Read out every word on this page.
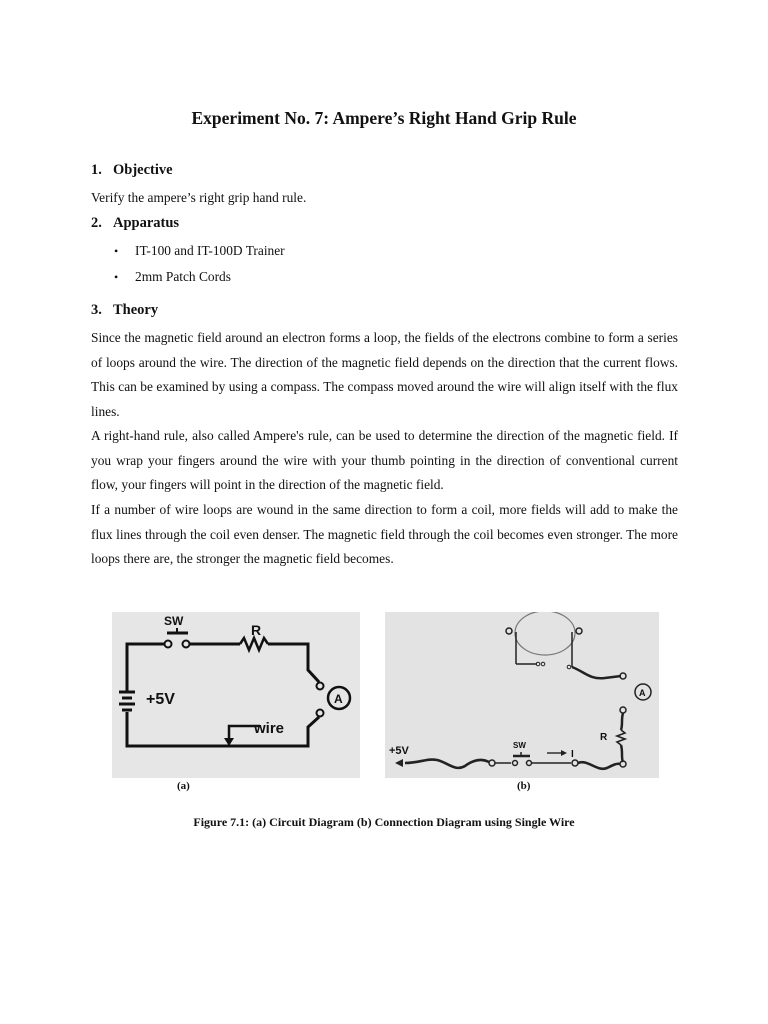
Experiment No. 7: Ampere’s Right Hand Grip Rule
1. Objective
Verify the ampere’s right grip hand rule.
2. Apparatus
• IT-100 and IT-100D Trainer
• 2mm Patch Cords
3. Theory
Since the magnetic field around an electron forms a loop, the fields of the electrons combine to form a series of loops around the wire. The direction of the magnetic field depends on the direction that the current flows. This can be examined by using a compass. The compass moved around the wire will align itself with the flux lines.
A right-hand rule, also called Ampere's rule, can be used to determine the direction of the magnetic field. If you wrap your fingers around the wire with your thumb pointing in the direction of conventional current flow, your fingers will point in the direction of the magnetic field.
If a number of wire loops are wound in the same direction to form a coil, more fields will add to make the flux lines through the coil even denser. The magnetic field through the coil becomes even stronger. The more loops there are, the stronger the magnetic field becomes.
SW
R
+5V	A
wire
+5V	SW
I
R
A
(a)	(b)
Figure 7.1: (a) Circuit Diagram (b) Connection Diagram using Single Wire
